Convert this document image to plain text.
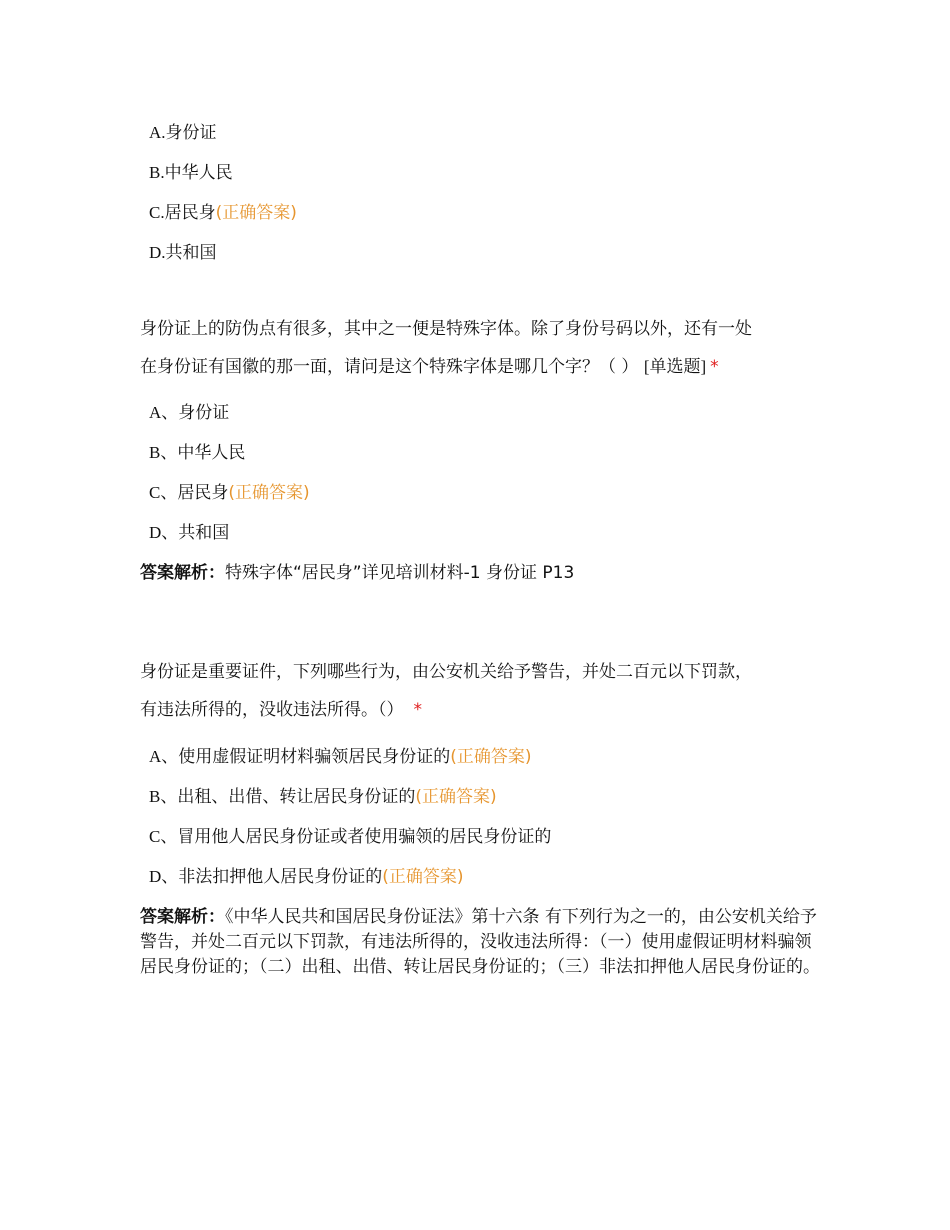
A.身份证
B.中华人民
C.居民身(正确答案)
D.共和国
身份证上的防伪点有很多，其中之一便是特殊字体。除了身份号码以外，还有一处
在身份证有国徽的那一面，请问是这个特殊字体是哪几个字？（ ） [单选题] *
A、身份证
B、中华人民
C、居民身(正确答案)
D、共和国
答案解析：特殊字体“居民身”详见培训材料-1 身份证 P13
身份证是重要证件，下列哪些行为，由公安机关给予警告，并处二百元以下罚款，
有违法所得的，没收违法所得。（） *
A、使用虚假证明材料骗领居民身份证的(正确答案)
B、出租、出借、转让居民身份证的(正确答案)
C、冒用他人居民身份证或者使用骗领的居民身份证的
D、非法扣押他人居民身份证的(正确答案)
答案解析：《中华人民共和国居民身份证法》第十六条 有下列行为之一的，由公安机关给予警告，并处二百元以下罚款，有违法所得的，没收违法所得：（一）使用虚假证明材料骗领居民身份证的；（二）出租、出借、转让居民身份证的；（三）非法扣押他人居民身份证的。
